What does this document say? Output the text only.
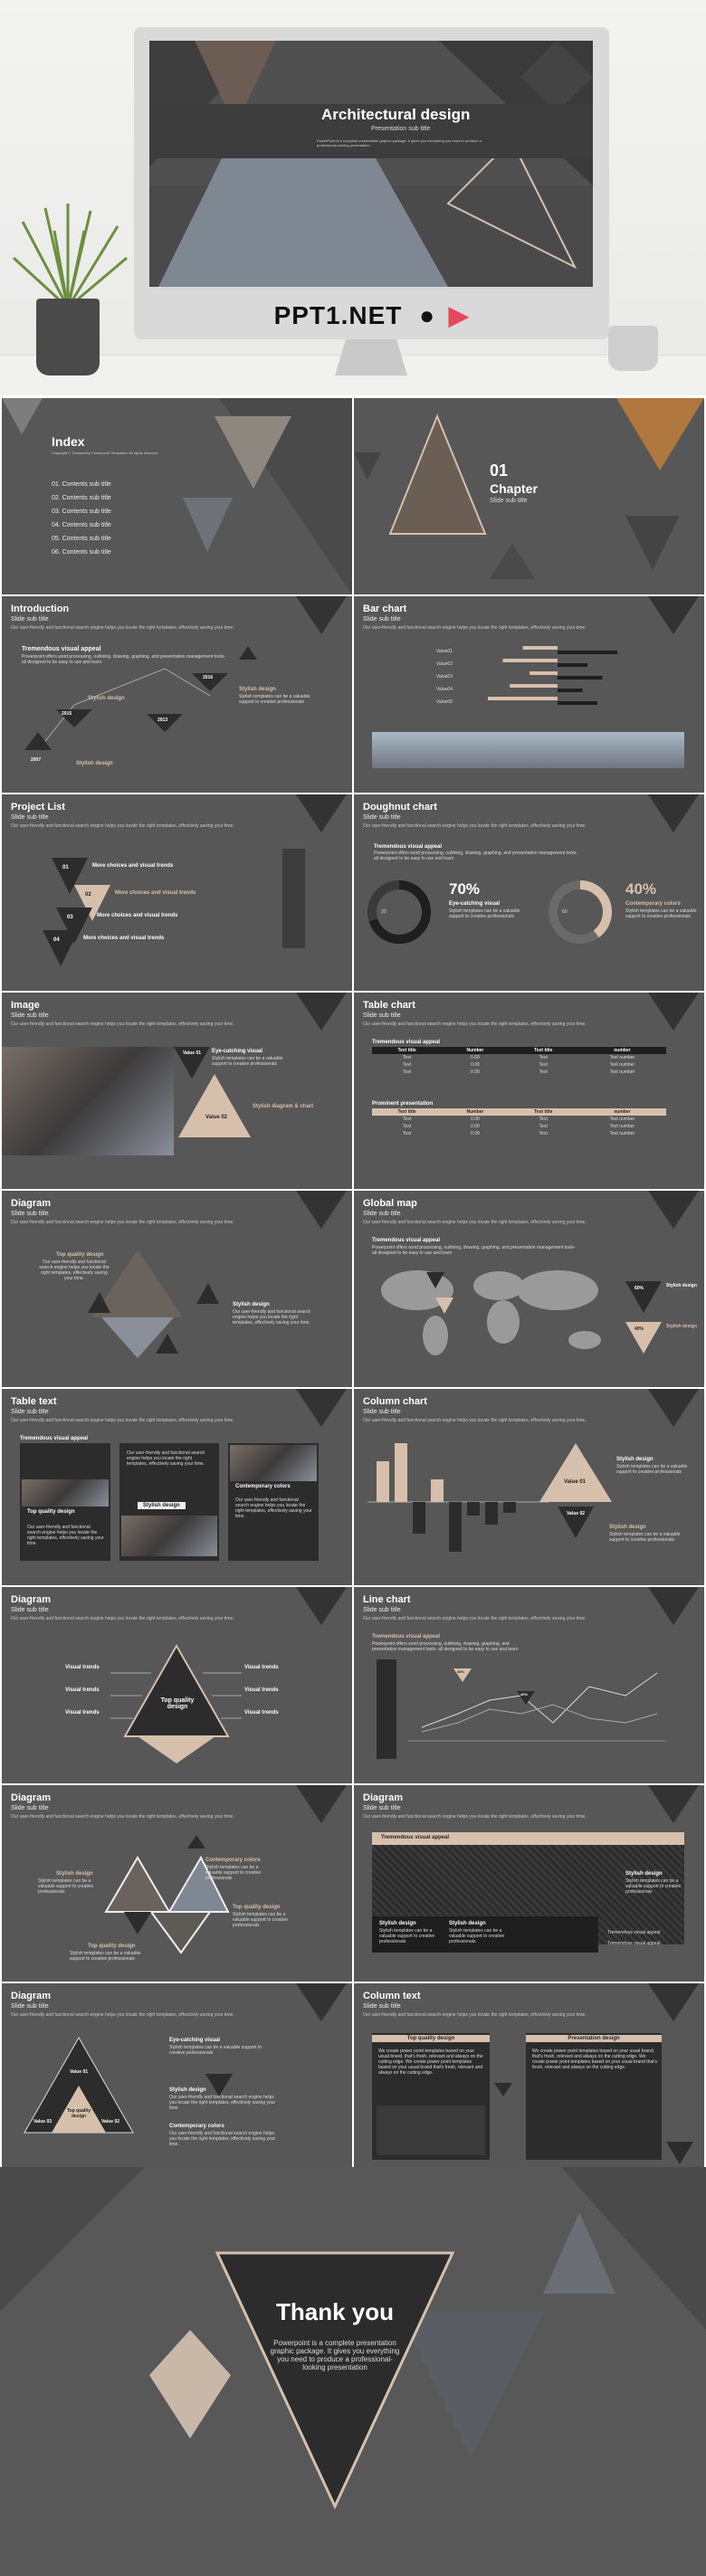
Architectural design
Presentation sub title
PowerPoint is a complete presentation graphic package. It gives you everything you need to produce a professional-looking presentation
PPT1.NET ● ▶
Index
Copyright © Trustworthy Powerpoint Templates. All rights reserved
01. Contents sub title
02. Contents sub title
03. Contents sub title
04. Contents sub title
05. Contents sub title
06. Contents sub title
01
Chapter
Slide sub title
Introduction
Slide sub title
Our user-friendly and functional search engine helps you locate the right templates, effectively saving your time.
Tremendous visual appeal
Powerpoint offers word processing, outlining, drawing, graphing, and presentation management tools- all designed to be easy to use and learn
2015
2016
2013
2007
Stylish design
Stylish design
Stylish design
Stylish templates can be a valuable support to creative professionals
Bar chart
Slide sub title
Our user-friendly and functional search engine helps you locate the right templates, effectively saving your time.
Value01
Value02
Value03
Value04
Value05
Project List
Slide sub title
Our user-friendly and functional search engine helps you locate the right templates, effectively saving your time.
01
02
03
04
More choices and visual trends
More choices and visual trends
More choices and visual trends
More choices and visual trends
Doughnut chart
Slide sub title
Our user-friendly and functional search engine helps you locate the right templates, effectively saving your time.
Tremendous visual appeal
Powerpoint offers word processing, outlining, drawing, graphing, and presentation management tools- all designed to be easy to use and learn
70%	40%
Eye-catching visual	Contemporary colors
Stylish templates can be a valuable support to creative professionals
Stylish templates can be a valuable support to creative professionals
30	60
Image
Slide sub title
Our user-friendly and functional search engine helps you locate the right templates, effectively saving your time.
Value 01
Value 02
Eye-catching visual
Stylish diagram & chart
Stylish templates can be a valuable support to creative professionals
Table chart
Slide sub title
Our user-friendly and functional search engine helps you locate the right templates, effectively saving your time.
Tremendous visual appeal
Text title	Number	Text title	number
Text	0.00	Text	Text number
Text	0.00	Text	Text number
Text	0.00	Text	Text number
Prominent presentation
Text title	Number	Text title	number
Text	0.00	Text	Text number
Text	0.00	Text	Text number
Text	0.00	Text	Text number
Diagram
Slide sub title
Our user-friendly and functional search engine helps you locate the right templates, effectively saving your time.
Top quality design
Our user-friendly and functional search engine helps you locate the right templates, effectively saving your time.
Stylish design
Our user-friendly and functional search engine helps you locate the right templates, effectively saving your time.
Global map
Slide sub title
Our user-friendly and functional search engine helps you locate the right templates, effectively saving your time.
Tremendous visual appeal
Powerpoint offers word processing, outlining, drawing, graphing, and presentation management tools- all designed to be easy to use and learn
60%
40%
Stylish design
Stylish design
Table text
Slide sub title
Our user-friendly and functional search engine helps you locate the right templates, effectively saving your time.
Tremendous visual appeal
Top quality design
Stylish design
Contemporary colors
Our user-friendly and functional search engine helps you locate the right templates, effectively saving your time.
Our user-friendly and functional search engine helps you locate the right templates, effectively saving your time.
Our user-friendly and functional search engine helps you locate the right templates, effectively saving your time.
Column chart
Slide sub title
Our user-friendly and functional search engine helps you locate the right templates, effectively saving your time.
Value 01
Value 02
Stylish design
Stylish templates can be a valuable support to creative professionals
Stylish design
Stylish templates can be a valuable support to creative professionals
Diagram
Slide sub title
Our user-friendly and functional search engine helps you locate the right templates, effectively saving your time.
Top quality design
Visual trends
Visual trends
Visual trends
Visual trends
Visual trends
Visual trends
Line chart
Slide sub title
Our user-friendly and functional search engine helps you locate the right templates, effectively saving your time.
Tremendous visual appeal
Powerpoint offers word processing, outlining, drawing, graphing, and presentation management tools- all designed to be easy to use and learn
30%
40%
Diagram
Slide sub title
Our user-friendly and functional search engine helps you locate the right templates, effectively saving your time.
Stylish design
Stylish templates can be a valuable support to creative professionals
Contemporary colors
Stylish templates can be a valuable support to creative professionals
Top quality design
Stylish templates can be a valuable support to creative professionals
Top quality design
Stylish templates can be a valuable support to creative professionals
Diagram
Slide sub title
Our user-friendly and functional search engine helps you locate the right templates, effectively saving your time.
Tremendous visual appeal
Stylish design	Stylish design
Stylish design
Stylish templates can be a valuable support to creative professionals
Stylish templates can be a valuable support to creative professionals
Stylish templates can be a valuable support to creative professionals
Tremendous visual appeal
Tremendous visual appeal
Diagram
Slide sub title
Our user-friendly and functional search engine helps you locate the right templates, effectively saving your time.
Value 01
Value 03	Value 02
Top quality design
Eye-catching visual
Stylish templates can be a valuable support to creative professionals
Stylish design
Our user-friendly and functional search engine helps you locate the right templates, effectively saving your time.
Contemporary colors
Our user-friendly and functional search engine helps you locate the right templates, effectively saving your time.
Column text
Slide sub title
Our user-friendly and functional search engine helps you locate the right templates, effectively saving your time.
Top quality design	Presentation design
We create power point templates based on your usual brand, that's fresh, relevant and always on the cutting edge. We create power point templates based on your usual brand that's fresh, relevant and always on the cutting edge.
We create power point templates based on your usual brand, that's fresh, relevant and always on the cutting edge. We create power point templates based on your usual brand that's fresh, relevant and always on the cutting edge.
Thank you
Powerpoint is a complete presentation graphic package. It gives you everything you need to produce a professional-looking presentation
